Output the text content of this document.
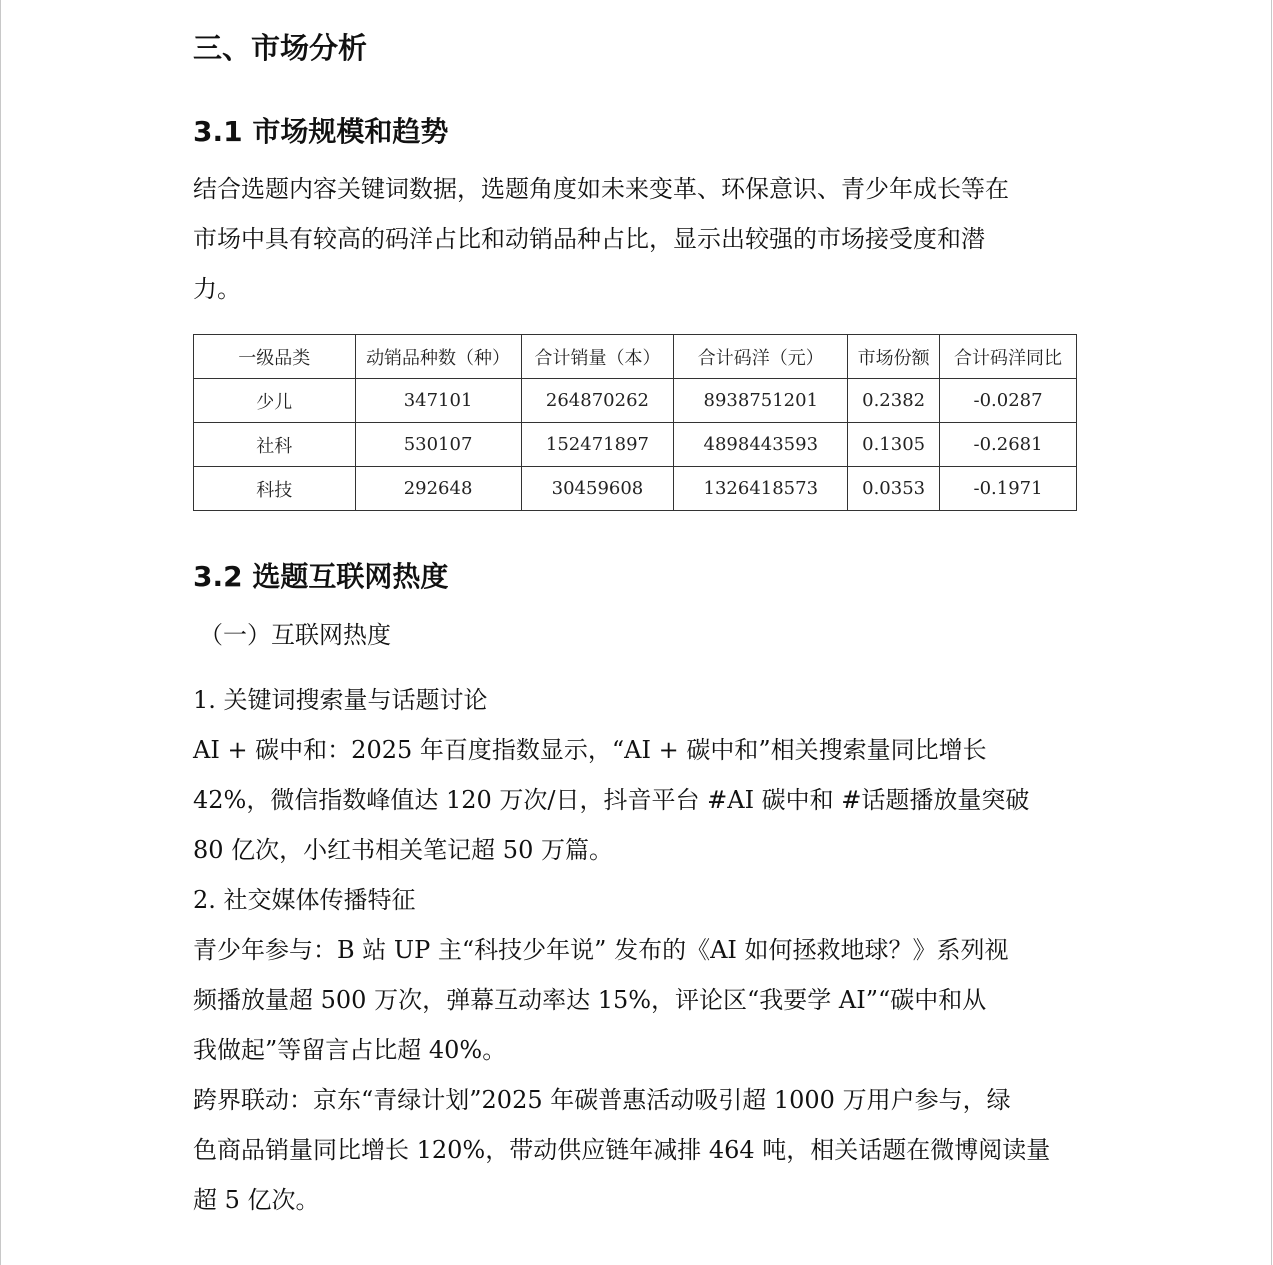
三、市场分析
3.1 市场规模和趋势
结合选题内容关键词数据，选题角度如未来变革、环保意识、青少年成长等在
市场中具有较高的码洋占比和动销品种占比，显示出较强的市场接受度和潜
力。
一级品类	动销品种数（种）	合计销量（本）	合计码洋（元）	市场份额	合计码洋同比
少儿	347101	264870262	8938751201	0.2382	-0.0287
社科	530107	152471897	4898443593	0.1305	-0.2681
科技	292648	30459608	1326418573	0.0353	-0.1971
3.2 选题互联网热度
（一）互联网热度
1. 关键词搜索量与话题讨论
AI + 碳中和：2025 年百度指数显示，“AI + 碳中和”相关搜索量同比增长
42%，微信指数峰值达 120 万次/日，抖音平台 #AI 碳中和 #话题播放量突破
80 亿次，小红书相关笔记超 50 万篇。
2. 社交媒体传播特征
青少年参与：B 站 UP 主“科技少年说” 发布的《AI 如何拯救地球？》系列视
频播放量超 500 万次，弹幕互动率达 15%，评论区“我要学 AI”“碳中和从
我做起”等留言占比超 40%。
跨界联动：京东“青绿计划”2025 年碳普惠活动吸引超 1000 万用户参与，绿
色商品销量同比增长 120%，带动供应链年减排 464 吨，相关话题在微博阅读量
超 5 亿次。
